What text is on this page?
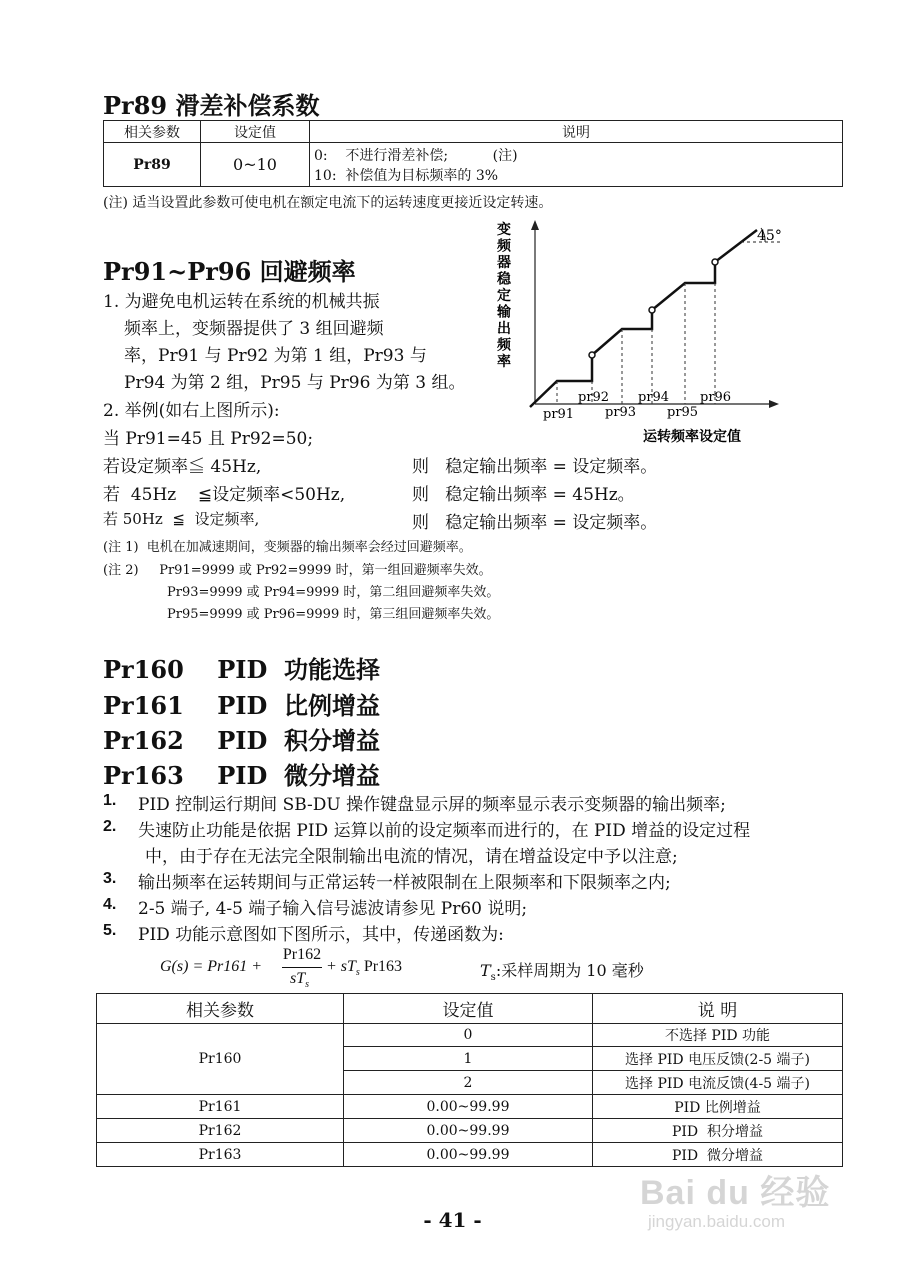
Pr89 滑差补偿系数
相关参数	设定值	说明
Pr89	0~10	0:    不进行滑差补偿;          (注)
10:  补偿值为目标频率的 3%
(注) 适当设置此参数可使电机在额定电流下的运转速度更接近设定转速。
Pr91~Pr96 回避频率
1. 为避免电机运转在系统的机械共振
频率上，变频器提供了 3 组回避频
率，Pr91 与 Pr92 为第 1 组，Pr93 与
Pr94 为第 2 组，Pr95 与 Pr96 为第 3 组。
2. 举例(如右上图所示):
当 Pr91=45 且 Pr92=50;
若设定频率≦ 45Hz,	则   稳定输出频率 = 设定频率。
若  45Hz    ≦设定频率<50Hz,	则   稳定输出频率 = 45Hz。
若 50Hz  ≦  设定频率,	则   稳定输出频率 = 设定频率。
(注 1)  电机在加减速期间，变频器的输出频率会经过回避频率。
(注 2)     Pr91=9999 或 Pr92=9999 时，第一组回避频率失效。
Pr93=9999 或 Pr94=9999 时，第二组回避频率失效。
Pr95=9999 或 Pr96=9999 时，第三组回避频率失效。
变
频
器
稳
定
输
出
频
率
45°
pr91
pr92
pr93
pr94
pr95
pr96
运转频率设定值
Pr160    PID  功能选择
Pr161    PID  比例增益
Pr162    PID  积分增益
Pr163    PID  微分增益
1. PID 控制运行期间 SB-DU 操作键盘显示屏的频率显示表示变频器的输出频率;
2. 失速防止功能是依据 PID 运算以前的设定频率而进行的，在 PID 增益的设定过程
中，由于存在无法完全限制输出电流的情况，请在增益设定中予以注意;
3. 输出频率在运转期间与正常运转一样被限制在上限频率和下限频率之内;
4. 2-5 端子, 4-5 端子输入信号滤波请参见 Pr60 说明;
5. PID 功能示意图如下图所示，其中，传递函数为:
G(s) = Pr161 +
Pr162
$sT_s$
+ $sT_s$ Pr163	$T_s$:采样周期为 10 毫秒
相关参数	设定值	说 明
Pr160	0	不选择 PID 功能
	1	选择 PID 电压反馈(2-5 端子)
	2	选择 PID 电流反馈(4-5 端子)
Pr161	0.00~99.99	PID 比例增益
Pr162	0.00~99.99	PID  积分增益
Pr163	0.00~99.99	PID  微分增益
- 41 -
Bai du 经验
jingyan.baidu.com
